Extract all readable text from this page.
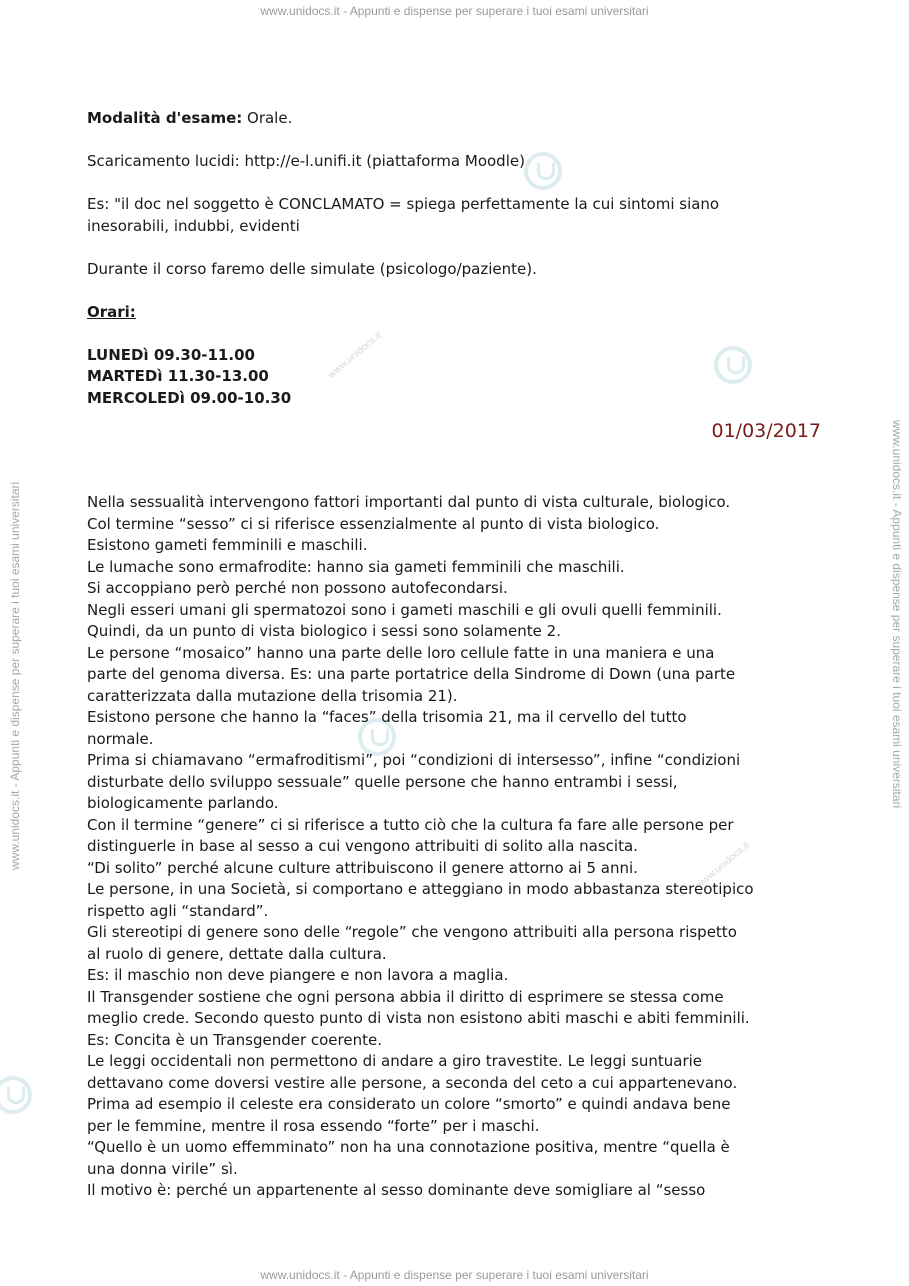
www.unidocs.it - Appunti e dispense per superare i tuoi esami universitari
www.unidocs.it - Appunti e dispense per superare i tuoi esami universitari
www.unidocs.it - Appunti e dispense per superare i tuoi esami universitari	www.unidocs.it - Appunti e dispense per superare i tuoi esami universitari
www.unidocs.it
www.unidocs.it
Modalità d'esame: Orale.
Scaricamento lucidi: http://e-l.unifi.it (piattaforma Moodle)
Es: "il doc nel soggetto è CONCLAMATO = spiega perfettamente la cui sintomi siano
inesorabili, indubbi, evidenti
Durante il corso faremo delle simulate (psicologo/paziente).
Orari:
LUNEDì 09.30-11.00
MARTEDì 11.30-13.00
MERCOLEDì 09.00-10.30
01/03/2017
Nella sessualità intervengono fattori importanti dal punto di vista culturale, biologico.
Col termine “sesso” ci si riferisce essenzialmente al punto di vista biologico.
Esistono gameti femminili e maschili.
Le lumache sono ermafrodite: hanno sia gameti femminili che maschili.
Si accoppiano però perché non possono autofecondarsi.
Negli esseri umani gli spermatozoi sono i gameti maschili e gli ovuli quelli femminili.
Quindi, da un punto di vista biologico i sessi sono solamente 2.
Le persone “mosaico” hanno una parte delle loro cellule fatte in una maniera e una
parte del genoma diversa. Es: una parte portatrice della Sindrome di Down (una parte
caratterizzata dalla mutazione della trisomia 21).
Esistono persone che hanno la “faces” della trisomia 21, ma il cervello del tutto
normale.
Prima si chiamavano “ermafroditismi”, poi “condizioni di intersesso”, infine “condizioni
disturbate dello sviluppo sessuale” quelle persone che hanno entrambi i sessi,
biologicamente parlando.
Con il termine “genere” ci si riferisce a tutto ciò che la cultura fa fare alle persone per
distinguerle in base al sesso a cui vengono attribuiti di solito alla nascita.
“Di solito” perché alcune culture attribuiscono il genere attorno ai 5 anni.
Le persone, in una Società, si comportano e atteggiano in modo abbastanza stereotipico
rispetto agli “standard”.
Gli stereotipi di genere sono delle “regole” che vengono attribuiti alla persona rispetto
al ruolo di genere, dettate dalla cultura.
Es: il maschio non deve piangere e non lavora a maglia.
Il Transgender sostiene che ogni persona abbia il diritto di esprimere se stessa come
meglio crede. Secondo questo punto di vista non esistono abiti maschi e abiti femminili.
Es: Concita è un Transgender coerente.
Le leggi occidentali non permettono di andare a giro travestite. Le leggi suntuarie
dettavano come doversi vestire alle persone, a seconda del ceto a cui appartenevano.
Prima ad esempio il celeste era considerato un colore “smorto” e quindi andava bene
per le femmine, mentre il rosa essendo “forte” per i maschi.
“Quello è un uomo effemminato” non ha una connotazione positiva, mentre “quella è
una donna virile” sì.
Il motivo è: perché un appartenente al sesso dominante deve somigliare al “sesso
